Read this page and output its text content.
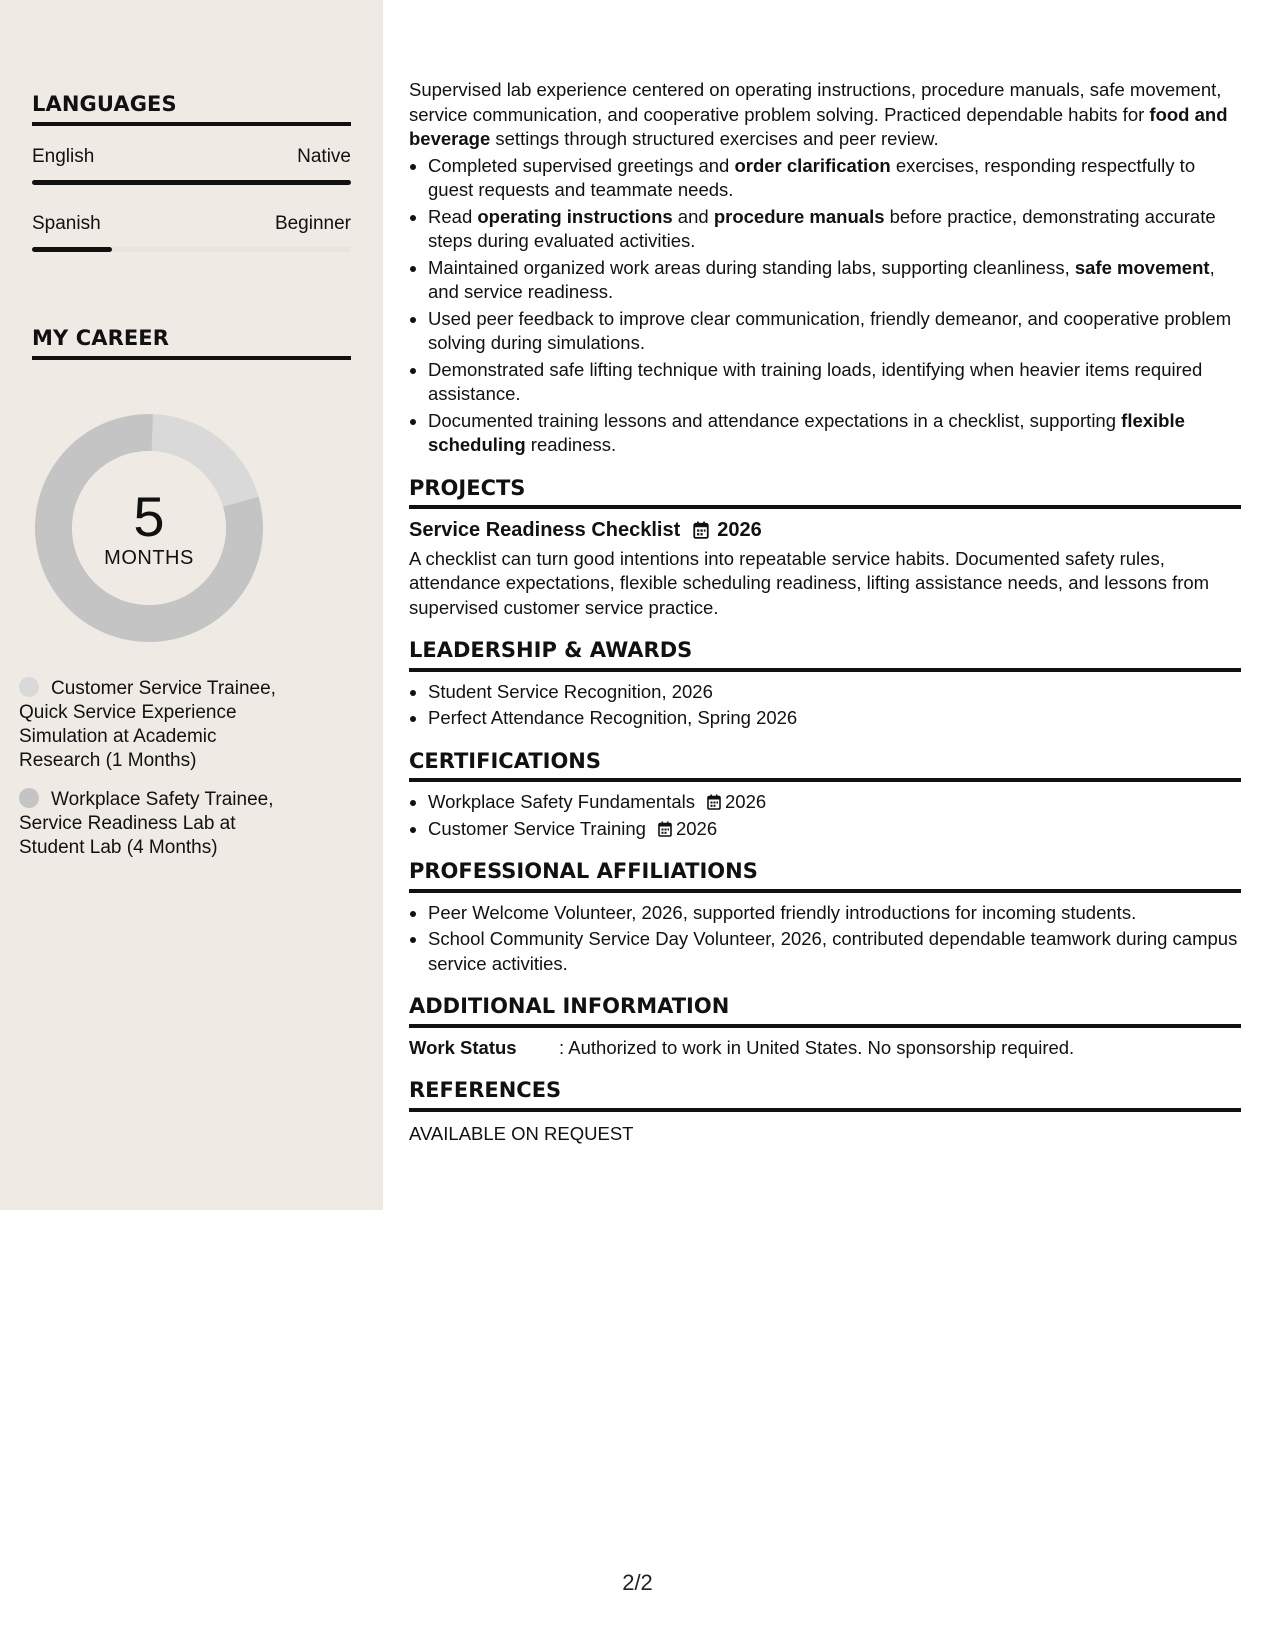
LANGUAGES
English	Native
Spanish	Beginner
MY CAREER
5
MONTHS
Customer Service Trainee, Quick Service Experience Simulation at Academic Research (1 Months)
Workplace Safety Trainee, Service Readiness Lab at Student Lab (4 Months)

Supervised lab experience centered on operating instructions, procedure manuals, safe movement, service communication, and cooperative problem solving. Practiced dependable habits for food and beverage settings through structured exercises and peer review.

• Completed supervised greetings and order clarification exercises, responding respectfully to guest requests and teammate needs.
• Read operating instructions and procedure manuals before practice, demonstrating accurate steps during evaluated activities.
• Maintained organized work areas during standing labs, supporting cleanliness, safe movement, and service readiness.
• Used peer feedback to improve clear communication, friendly demeanor, and cooperative problem solving during simulations.
• Demonstrated safe lifting technique with training loads, identifying when heavier items required assistance.
• Documented training lessons and attendance expectations in a checklist, supporting flexible scheduling readiness.
PROJECTS
Service Readiness Checklist 2026

A checklist can turn good intentions into repeatable service habits. Documented safety rules, attendance expectations, flexible scheduling readiness, lifting assistance needs, and lessons from supervised customer service practice.

LEADERSHIP & AWARDS
• Student Service Recognition, 2026
• Perfect Attendance Recognition, Spring 2026
CERTIFICATIONS
• Workplace Safety Fundamentals 2026
• Customer Service Training 2026
PROFESSIONAL AFFILIATIONS
• Peer Welcome Volunteer, 2026, supported friendly introductions for incoming students.
• School Community Service Day Volunteer, 2026, contributed dependable teamwork during campus service activities.
ADDITIONAL INFORMATION
Work Status	: Authorized to work in United States. No sponsorship required.
REFERENCES

AVAILABLE ON REQUEST

2/2
